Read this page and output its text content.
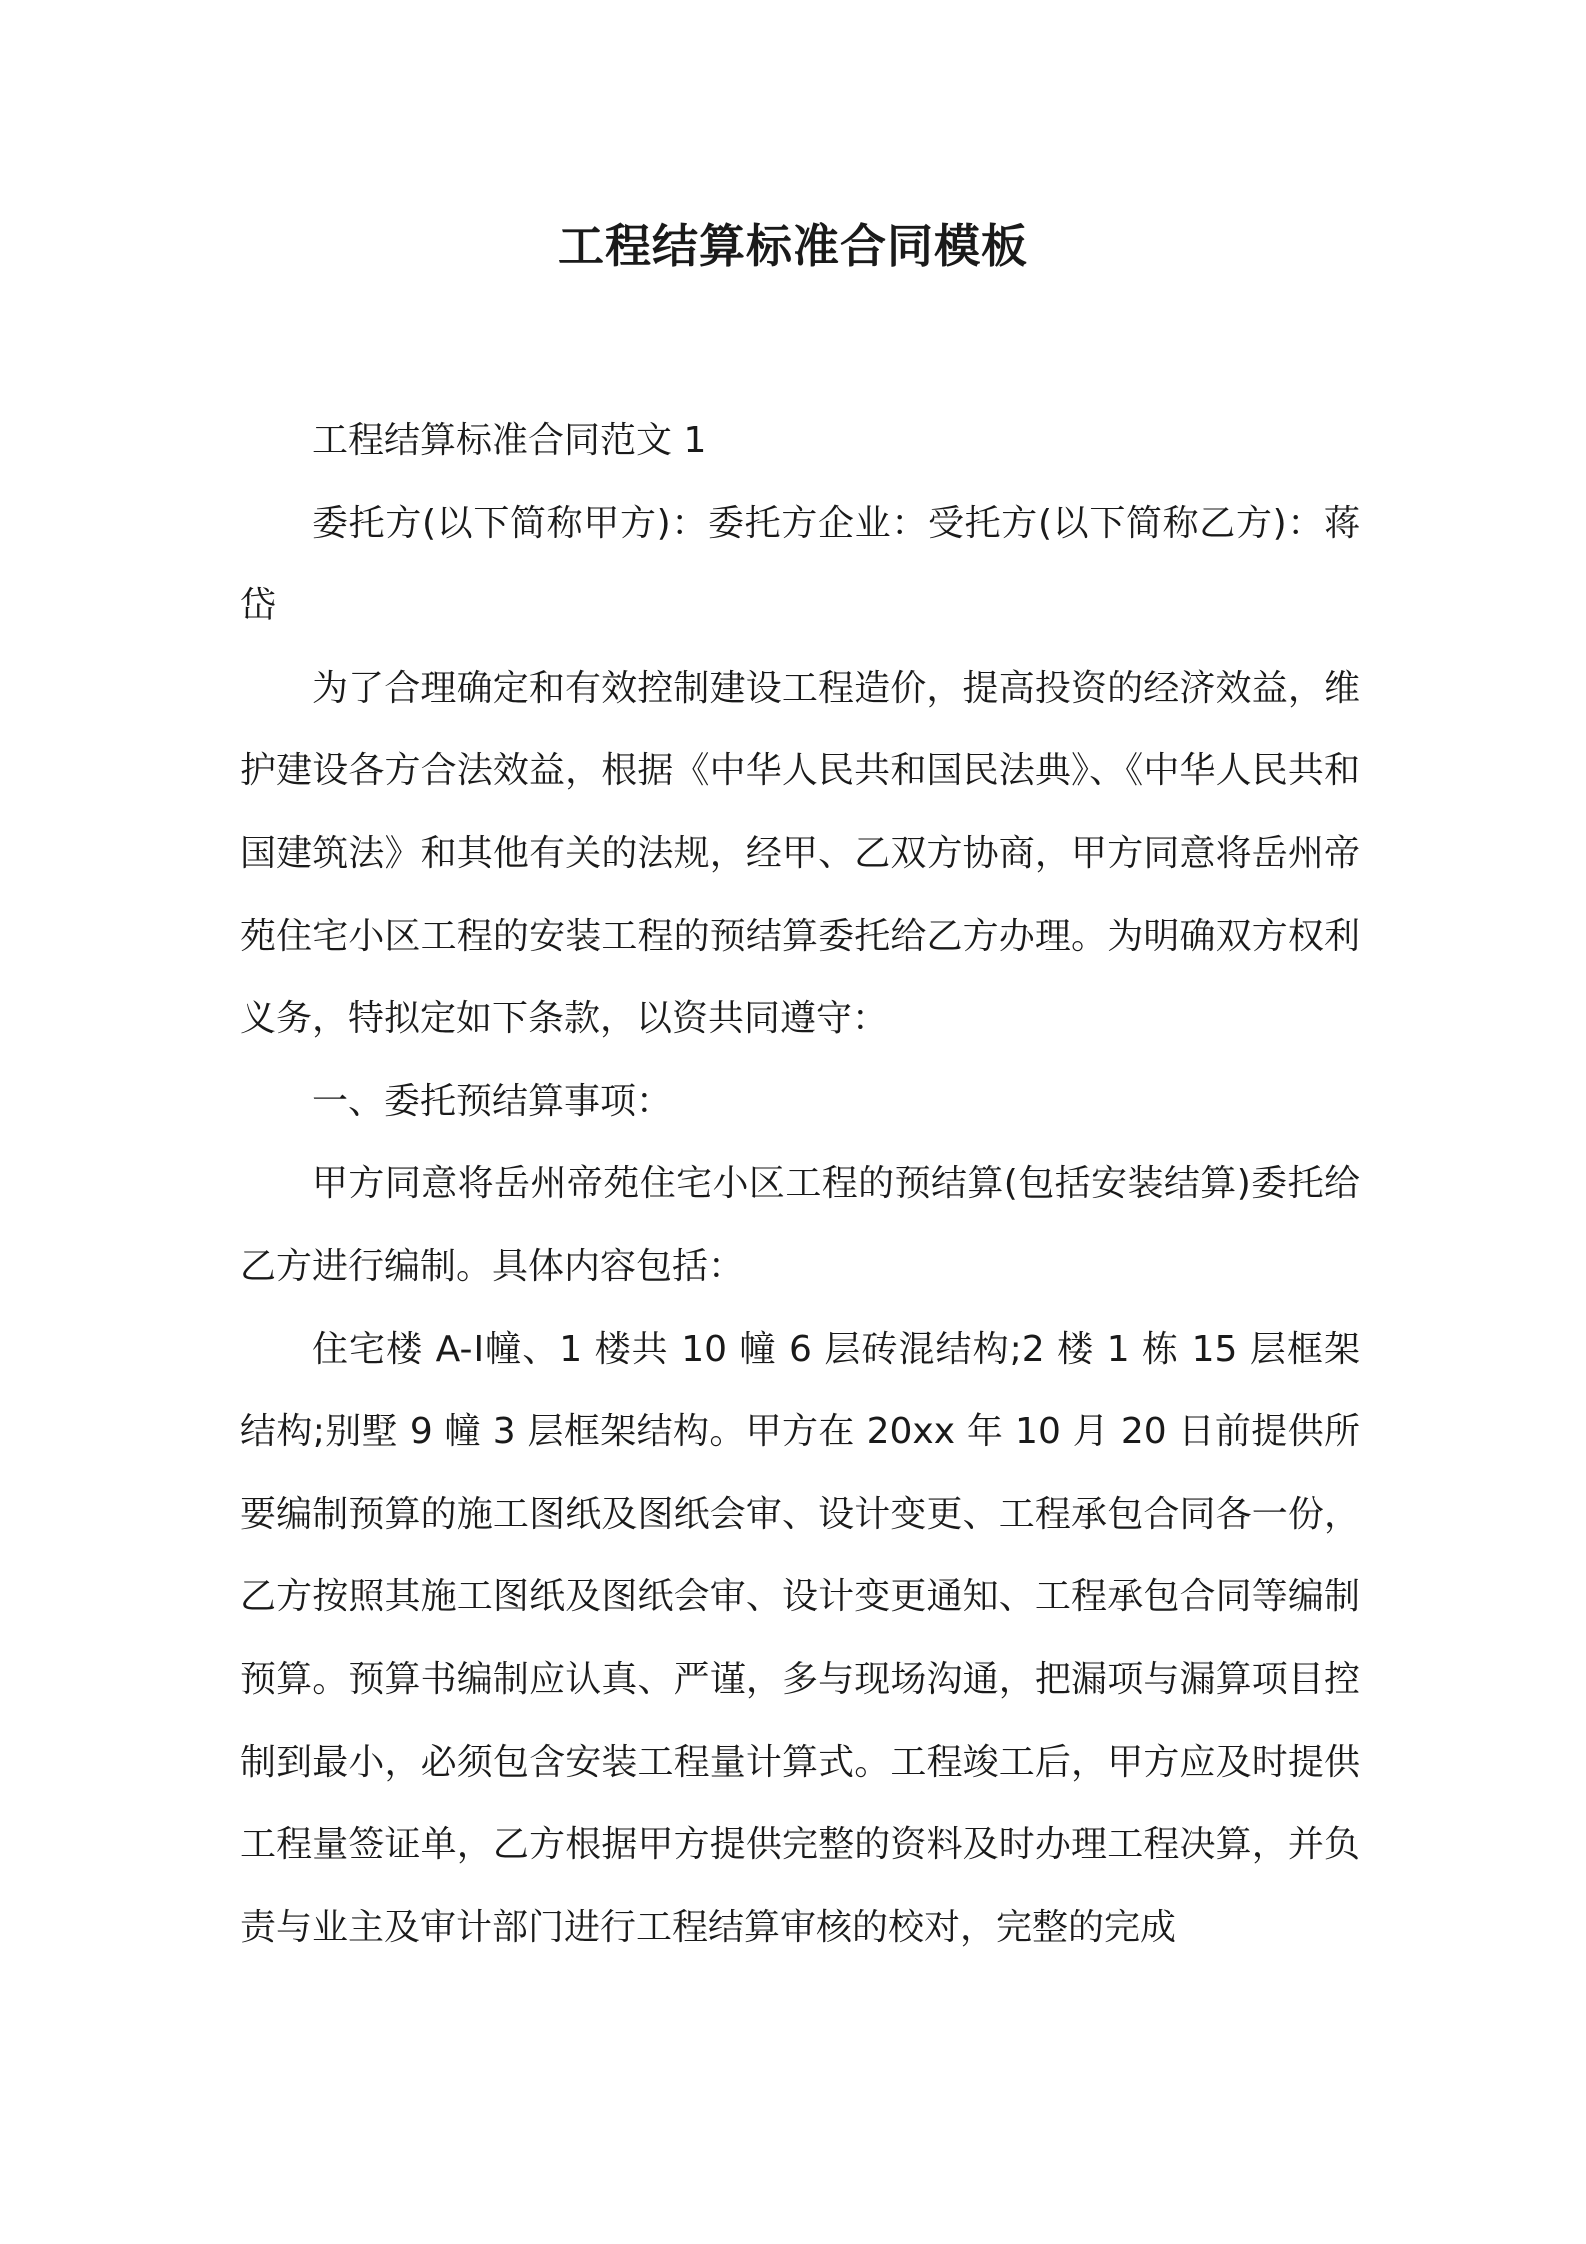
工程结算标准合同模板

工程结算标准合同范文 1

委托方(以下简称甲方)：委托方企业：受托方(以下简称乙方)：蒋岱

为了合理确定和有效控制建设工程造价，提高投资的经济效益，维护建设各方合法效益，根据《中华人民共和国民法典》、《中华人民共和国建筑法》和其他有关的法规，经甲、乙双方协商，甲方同意将岳州帝苑住宅小区工程的安装工程的预结算委托给乙方办理。为明确双方权利义务，特拟定如下条款，以资共同遵守：

一、委托预结算事项：

甲方同意将岳州帝苑住宅小区工程的预结算(包括安装结算)委托给乙方进行编制。具体内容包括：

住宅楼 A-Ⅰ幢、1 楼共 10 幢 6 层砖混结构;2 楼 1 栋 15 层框架结构;别墅 9 幢 3 层框架结构。甲方在 20xx 年 10 月 20 日前提供所要编制预算的施工图纸及图纸会审、设计变更、工程承包合同各一份，乙方按照其施工图纸及图纸会审、设计变更通知、工程承包合同等编制预算。预算书编制应认真、严谨，多与现场沟通，把漏项与漏算项目控制到最小，必须包含安装工程量计算式。工程竣工后，甲方应及时提供工程量签证单，乙方根据甲方提供完整的资料及时办理工程决算，并负责与业主及审计部门进行工程结算审核的校对，完整的完成
